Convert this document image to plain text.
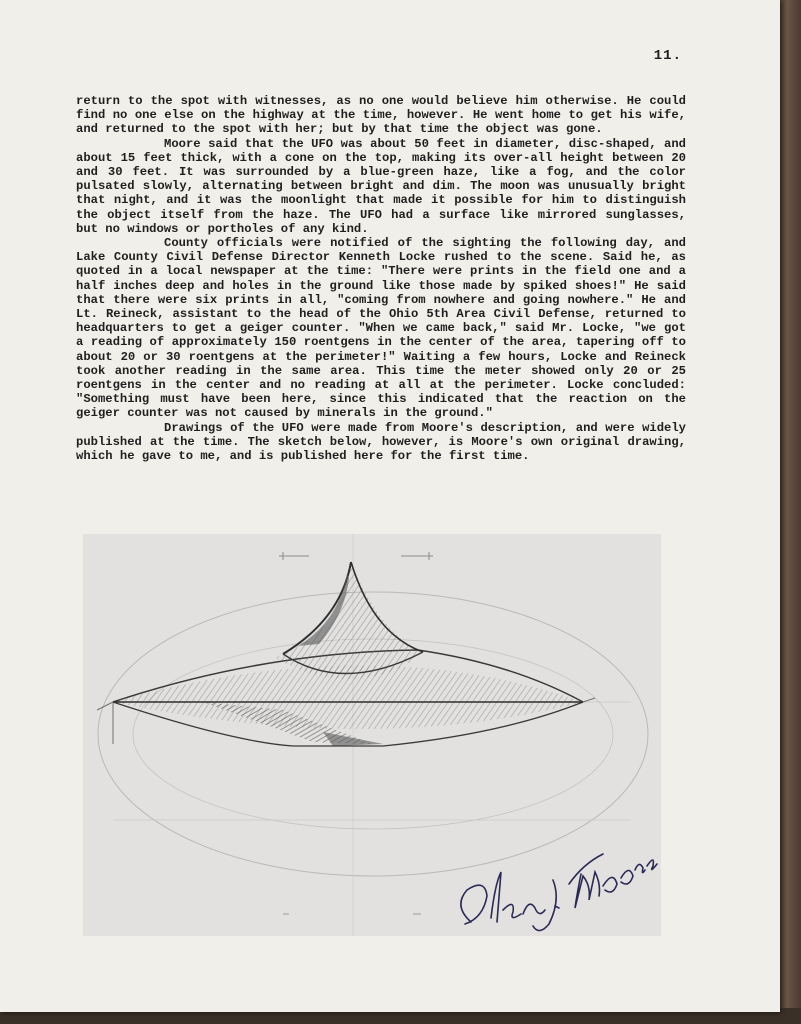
11.

return to the spot with witnesses, as no one would believe him otherwise. He could find no one else on the highway at the time, however. He went home to get his wife, and returned to the spot with her; but by that time the object was gone.

Moore said that the UFO was about 50 feet in diameter, disc-shaped, and about 15 feet thick, with a cone on the top, making its over-all height between 20 and 30 feet. It was surrounded by a blue-green haze, like a fog, and the color pulsated slowly, alternating between bright and dim. The moon was unusually bright that night, and it was the moonlight that made it possible for him to distinguish the object itself from the haze. The UFO had a surface like mirrored sunglasses, but no windows or portholes of any kind.

County officials were notified of the sighting the following day, and Lake County Civil Defense Director Kenneth Locke rushed to the scene. Said he, as quoted in a local newspaper at the time: "There were prints in the field one and a half inches deep and holes in the ground like those made by spiked shoes!" He said that there were six prints in all, "coming from nowhere and going nowhere." He and Lt. Reineck, assistant to the head of the Ohio 5th Area Civil Defense, returned to headquarters to get a geiger counter. "When we came back," said Mr. Locke, "we got a reading of approximately 150 roentgens in the center of the area, tapering off to about 20 or 30 roentgens at the perimeter!" Waiting a few hours, Locke and Reineck took another reading in the same area. This time the meter showed only 20 or 25 roentgens in the center and no reading at all at the perimeter. Locke concluded: "Something must have been here, since this indicated that the reaction on the geiger counter was not caused by minerals in the ground."

Drawings of the UFO were made from Moore's description, and were widely published at the time. The sketch below, however, is Moore's own original drawing, which he gave to me, and is published here for the first time.
